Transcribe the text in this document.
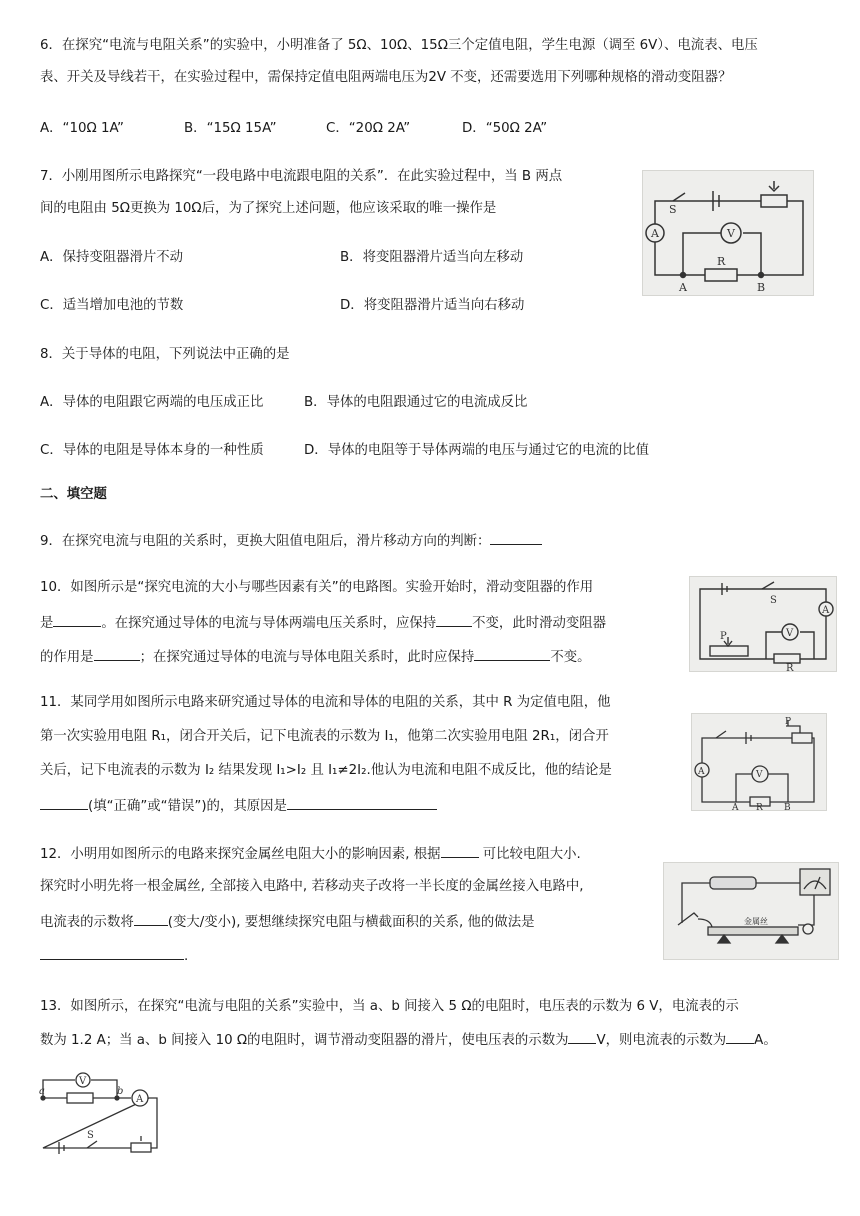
6．在探究“电流与电阻关系”的实验中，小明准备了 5Ω、10Ω、15Ω三个定值电阻，学生电源（调至 6V）、电流表、电压
表、开关及导线若干，在实验过程中，需保持定值电阻两端电压为2V 不变，还需要选用下列哪种规格的滑动变阻器？
A．“10Ω 1A”	B．“15Ω 15A”	C．“20Ω 2A”	D．“50Ω 2A”
7．小刚用图所示电路探究“一段电路中电流跟电阻的关系”．在此实验过程中，当 B 两点
间的电阻由 5Ω更换为 10Ω后，为了探究上述问题，他应该采取的唯一操作是
A．保持变阻器滑片不动	B．将变阻器滑片适当向左移动
C．适当增加电池的节数	D．将变阻器滑片适当向右移动
S
A	V
R
A	B
8．关于导体的电阻，下列说法中正确的是
A．导体的电阻跟它两端的电压成正比	B．导体的电阻跟通过它的电流成反比
C．导体的电阻是导体本身的一种性质	D．导体的电阻等于导体两端的电压与通过它的电流的比值
二、填空题
9．在探究电流与电阻的关系时，更换大阻值电阻后，滑片移动方向的判断：
10．如图所示是“探究电流的大小与哪些因素有关”的电路图。实验开始时，滑动变阻器的作用
是	。在探究通过导体的电流与导体两端电压关系时，应保持	不变，此时滑动变阻器
的作用是	；在探究通过导体的电流与导体电阻关系时，此时应保持	不变。
S
A
V
P
R
11．某同学用如图所示电路来研究通过导体的电流和导体的电阻的关系，其中 R 为定值电阻，他
第一次实验用电阻 R₁，闭合开关后，记下电流表的示数为 I₁，他第二次实验用电阻 2R₁，闭合开
关后，记下电流表的示数为 I₂ 结果发现 I₁>I₂ 且 I₁≠2I₂.他认为电流和电阻不成反比，他的结论是
(填“正确”或“错误”)的，其原因是
P
A	V
R
A	B
12．小明用如图所示的电路来探究金属丝电阻大小的影响因素, 根据	可比较电阻大小.
探究时小明先将一根金属丝, 全部接入电路中, 若移动夹子改将一半长度的金属丝接入电路中,
电流表的示数将	(变大/变小), 要想继续探究电阻与横截面积的关系, 他的做法是
.
金属丝
13．如图所示，在探究“电流与电阻的关系”实验中，当 a、b 间接入 5 Ω的电阻时，电压表的示数为 6 V，电流表的示
数为 1.2 A；当 a、b 间接入 10 Ω的电阻时，调节滑动变阻器的滑片，使电压表的示数为 V，则电流表的示数为 A。
V
a	b
A
S
